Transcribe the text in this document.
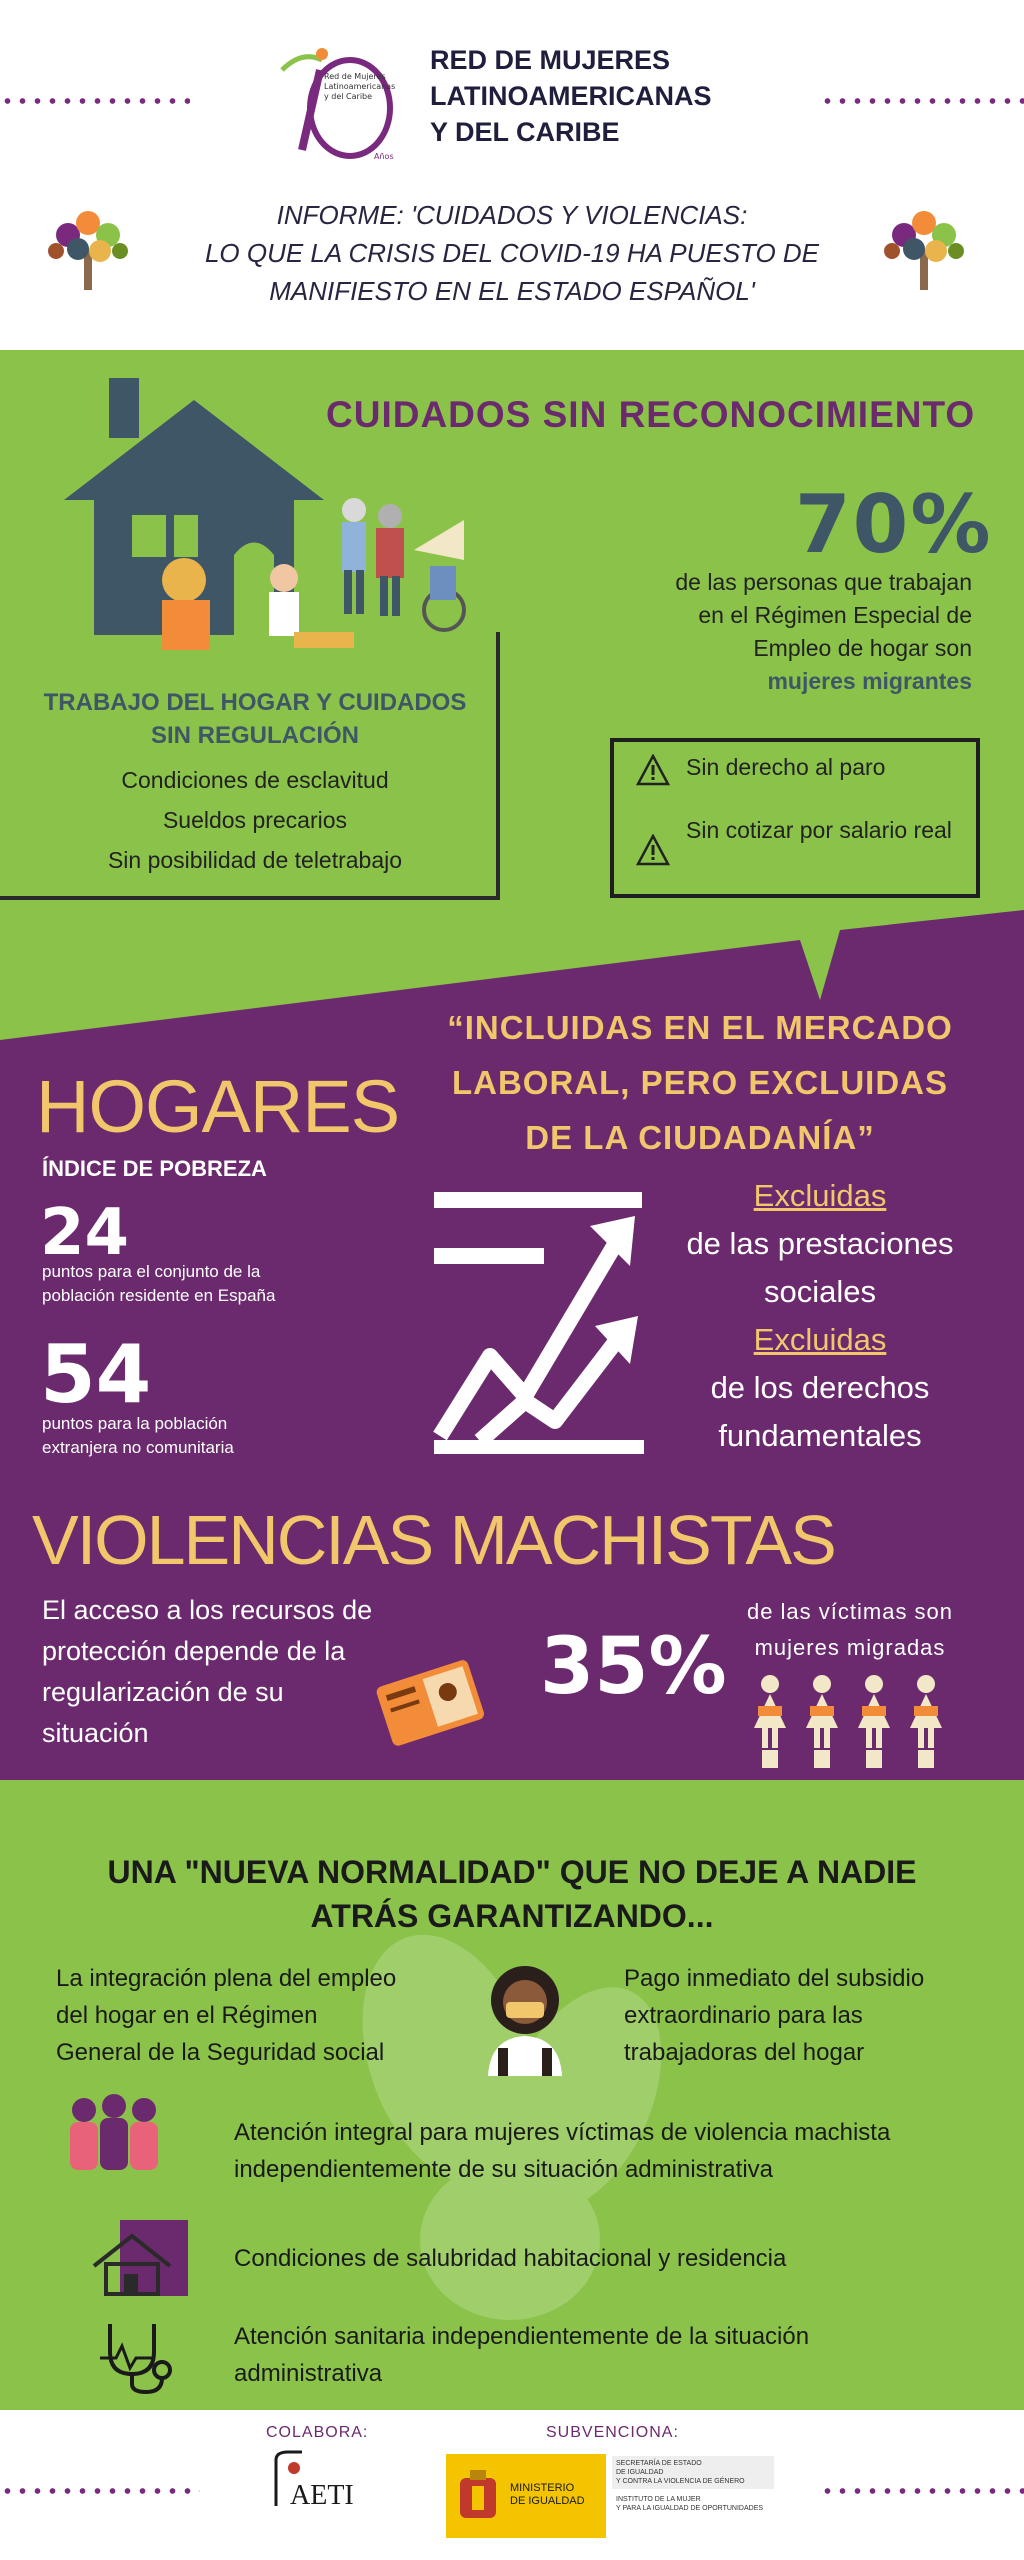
Red de Mujeres
Latinoamericanas
y del Caribe
Años
RED DE MUJERES
LATINOAMERICANAS
Y DEL CARIBE
INFORME: 'CUIDADOS Y VIOLENCIAS:
LO QUE LA CRISIS DEL COVID-19 HA PUESTO DE
MANIFIESTO EN EL ESTADO ESPAÑOL'
CUIDADOS SIN RECONOCIMIENTO
70%
de las personas que trabajan
en el Régimen Especial de
Empleo de hogar son
mujeres migrantes
TRABAJO DEL HOGAR Y CUIDADOS
SIN REGULACIÓN
Condiciones de esclavitud
Sueldos precarios
Sin posibilidad de teletrabajo
Sin derecho al paro
Sin cotizar por salario real
“INCLUIDAS EN EL MERCADO
LABORAL, PERO EXCLUIDAS
DE LA CIUDADANÍA”
HOGARES
ÍNDICE DE POBREZA
24
puntos para el conjunto de la
población residente en España
54
puntos para la población
extranjera no comunitaria
Excluidas
de las prestaciones
sociales
Excluidas
de los derechos
fundamentales
VIOLENCIAS MACHISTAS
El acceso a los recursos de
protección depende de la
regularización de su
situación
35%
de las víctimas son
mujeres migradas
UNA "NUEVA NORMALIDAD" QUE NO DEJE A NADIE
ATRÁS GARANTIZANDO...
La integración plena del empleo
del hogar en el Régimen
General de la Seguridad social
Pago inmediato del subsidio
extraordinario para las
trabajadoras del hogar
Atención integral para mujeres víctimas de violencia machista
independientemente de su situación administrativa
Condiciones de salubridad habitacional y residencia
Atención sanitaria independientemente de la situación
administrativa
COLABORA:
AETI
SUBVENCIONA:
MINISTERIO
DE IGUALDAD
SECRETARÍA DE ESTADO
DE IGUALDAD
Y CONTRA LA VIOLENCIA DE GÉNERO
INSTITUTO DE LA MUJER
Y PARA LA IGUALDAD DE OPORTUNIDADES
